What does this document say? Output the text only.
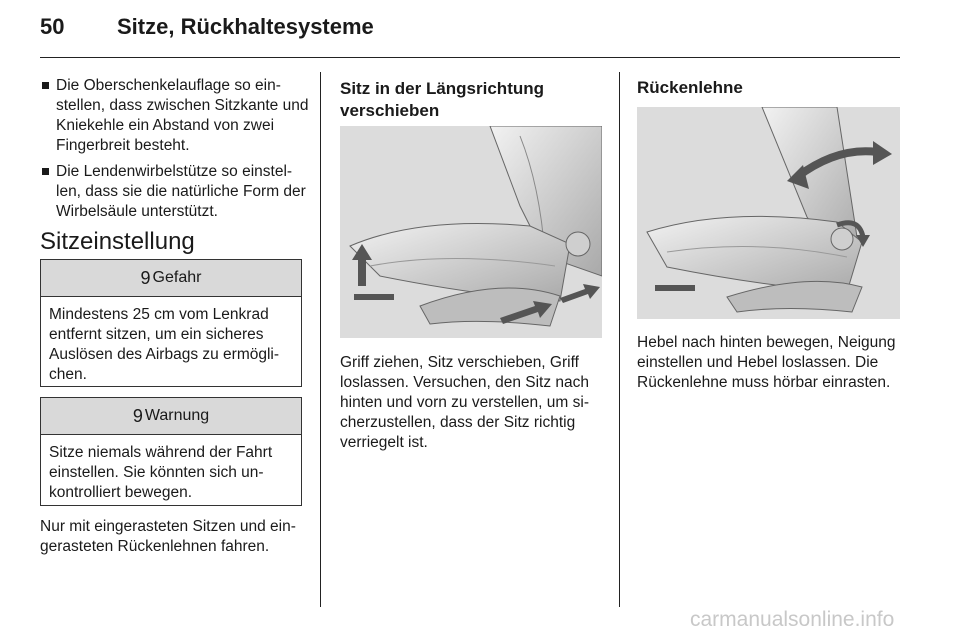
50 Sitze, Rückhaltesysteme
Die Oberschenkelauflage so ein-stellen, dass zwischen Sitzkante und Kniekehle ein Abstand von zwei Fingerbreit besteht.
Die Lendenwirbelstütze so einstel-len, dass sie die natürliche Form der Wirbelsäule unterstützt.
Sitzeinstellung
9 Gefahr
Mindestens 25 cm vom Lenkrad entfernt sitzen, um ein sicheres Auslösen des Airbags zu ermögli-chen.
9 Warnung
Sitze niemals während der Fahrt einstellen. Sie könnten sich un-kontrolliert bewegen.
Nur mit eingerasteten Sitzen und ein-gerasteten Rückenlehnen fahren.
Sitz in der Längsrichtung verschieben
Griff ziehen, Sitz verschieben, Griff loslassen. Versuchen, den Sitz nach hinten und vorn zu verstellen, um si-cherzustellen, dass der Sitz richtig verriegelt ist.
Rückenlehne
Hebel nach hinten bewegen, Neigung einstellen und Hebel loslassen. Die Rückenlehne muss hörbar einrasten.
carmanualsonline.info
